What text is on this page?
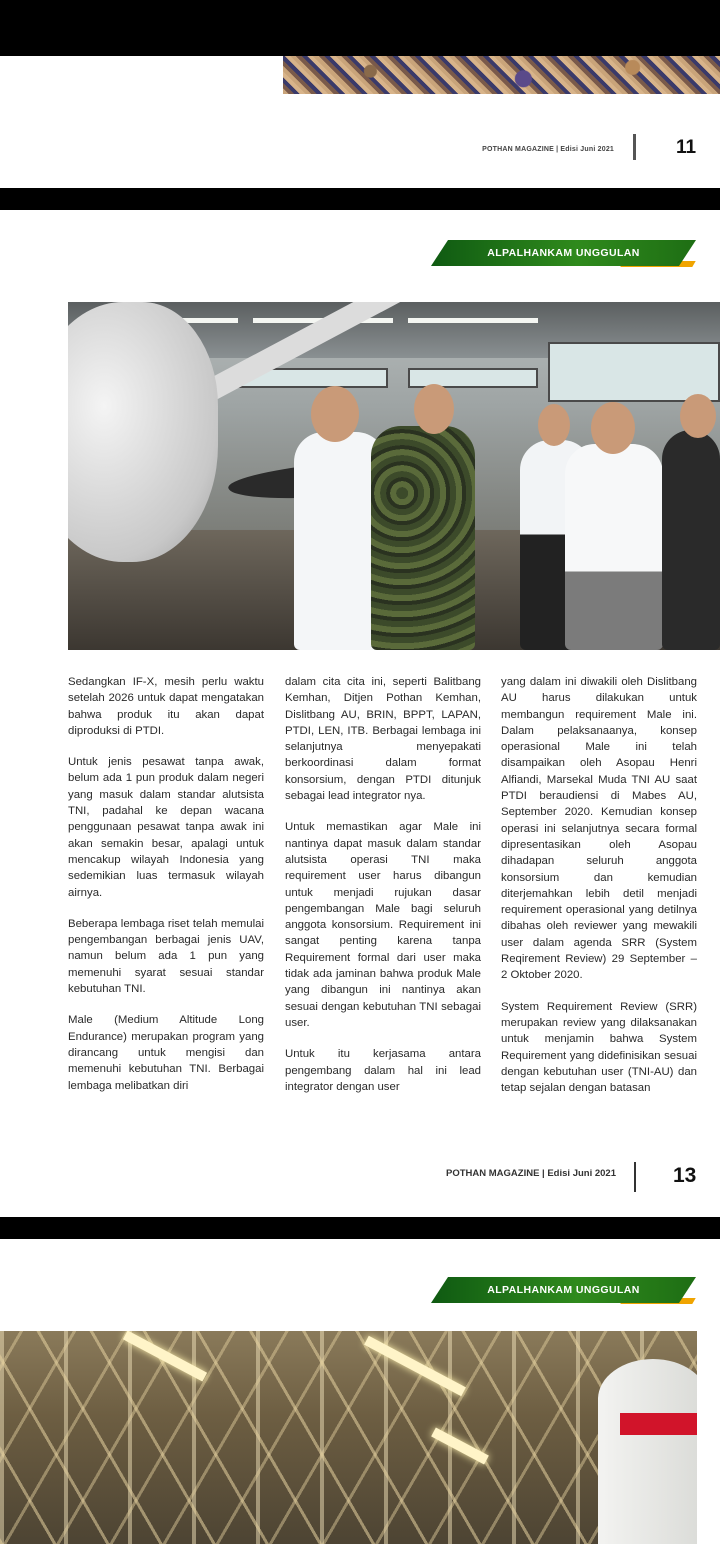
POTHAN MAGAZINE | Edisi Juni 2021	11
ALPALHANKAM UNGGULAN

Sedangkan IF-X, mesih perlu waktu setelah 2026 untuk dapat mengatakan bahwa produk itu akan dapat diproduksi di PTDI.

Untuk jenis pesawat tanpa awak, belum ada 1 pun produk dalam negeri yang masuk dalam standar alutsista TNI, padahal ke depan wacana penggunaan pesawat tanpa awak ini akan semakin besar, apalagi untuk mencakup wilayah Indonesia yang sedemikian luas termasuk wilayah airnya.

Beberapa lembaga riset telah memulai pengembangan berbagai jenis UAV, namun belum ada 1 pun yang memenuhi syarat sesuai standar kebutuhan TNI.

Male (Medium Altitude Long Endurance) merupakan program yang dirancang untuk mengisi dan memenuhi kebutuhan TNI. Berbagai lembaga melibatkan diri

dalam cita cita ini, seperti Balitbang Kemhan, Ditjen Pothan Kemhan, Dislitbang AU, BRIN, BPPT, LAPAN, PTDI, LEN, ITB. Berbagai lembaga ini selanjutnya menyepakati berkoordinasi dalam format konsorsium, dengan PTDI ditunjuk sebagai lead integrator nya.

Untuk memastikan agar Male ini nantinya dapat masuk dalam standar alutsista operasi TNI maka requirement user harus dibangun untuk menjadi rujukan dasar pengembangan Male bagi seluruh anggota konsorsium. Requirement ini sangat penting karena tanpa Requirement formal dari user maka tidak ada jaminan bahwa produk Male yang dibangun ini nantinya akan sesuai dengan kebutuhan TNI sebagai user.

Untuk itu kerjasama antara pengembang dalam hal ini lead integrator dengan user

yang dalam ini diwakili oleh Dislitbang AU harus dilakukan untuk membangun requirement Male ini. Dalam pelaksanaanya, konsep operasional Male ini telah disampaikan oleh Asopau Henri Alfiandi, Marsekal Muda TNI AU saat PTDI beraudiensi di Mabes AU, September 2020. Kemudian konsep operasi ini selanjutnya secara formal dipresentasikan oleh Asopau dihadapan seluruh anggota konsorsium dan kemudian diterjemahkan lebih detil menjadi requirement operasional yang detilnya dibahas oleh reviewer yang mewakili user dalam agenda SRR (System Reqirement Review) 29 September – 2 Oktober 2020.

System Requirement Review (SRR) merupakan review yang dilaksanakan untuk menjamin bahwa System Requirement yang didefinisikan sesuai dengan kebutuhan user (TNI-AU) dan tetap sejalan dengan batasan

POTHAN MAGAZINE | Edisi Juni 2021	13
ALPALHANKAM UNGGULAN
